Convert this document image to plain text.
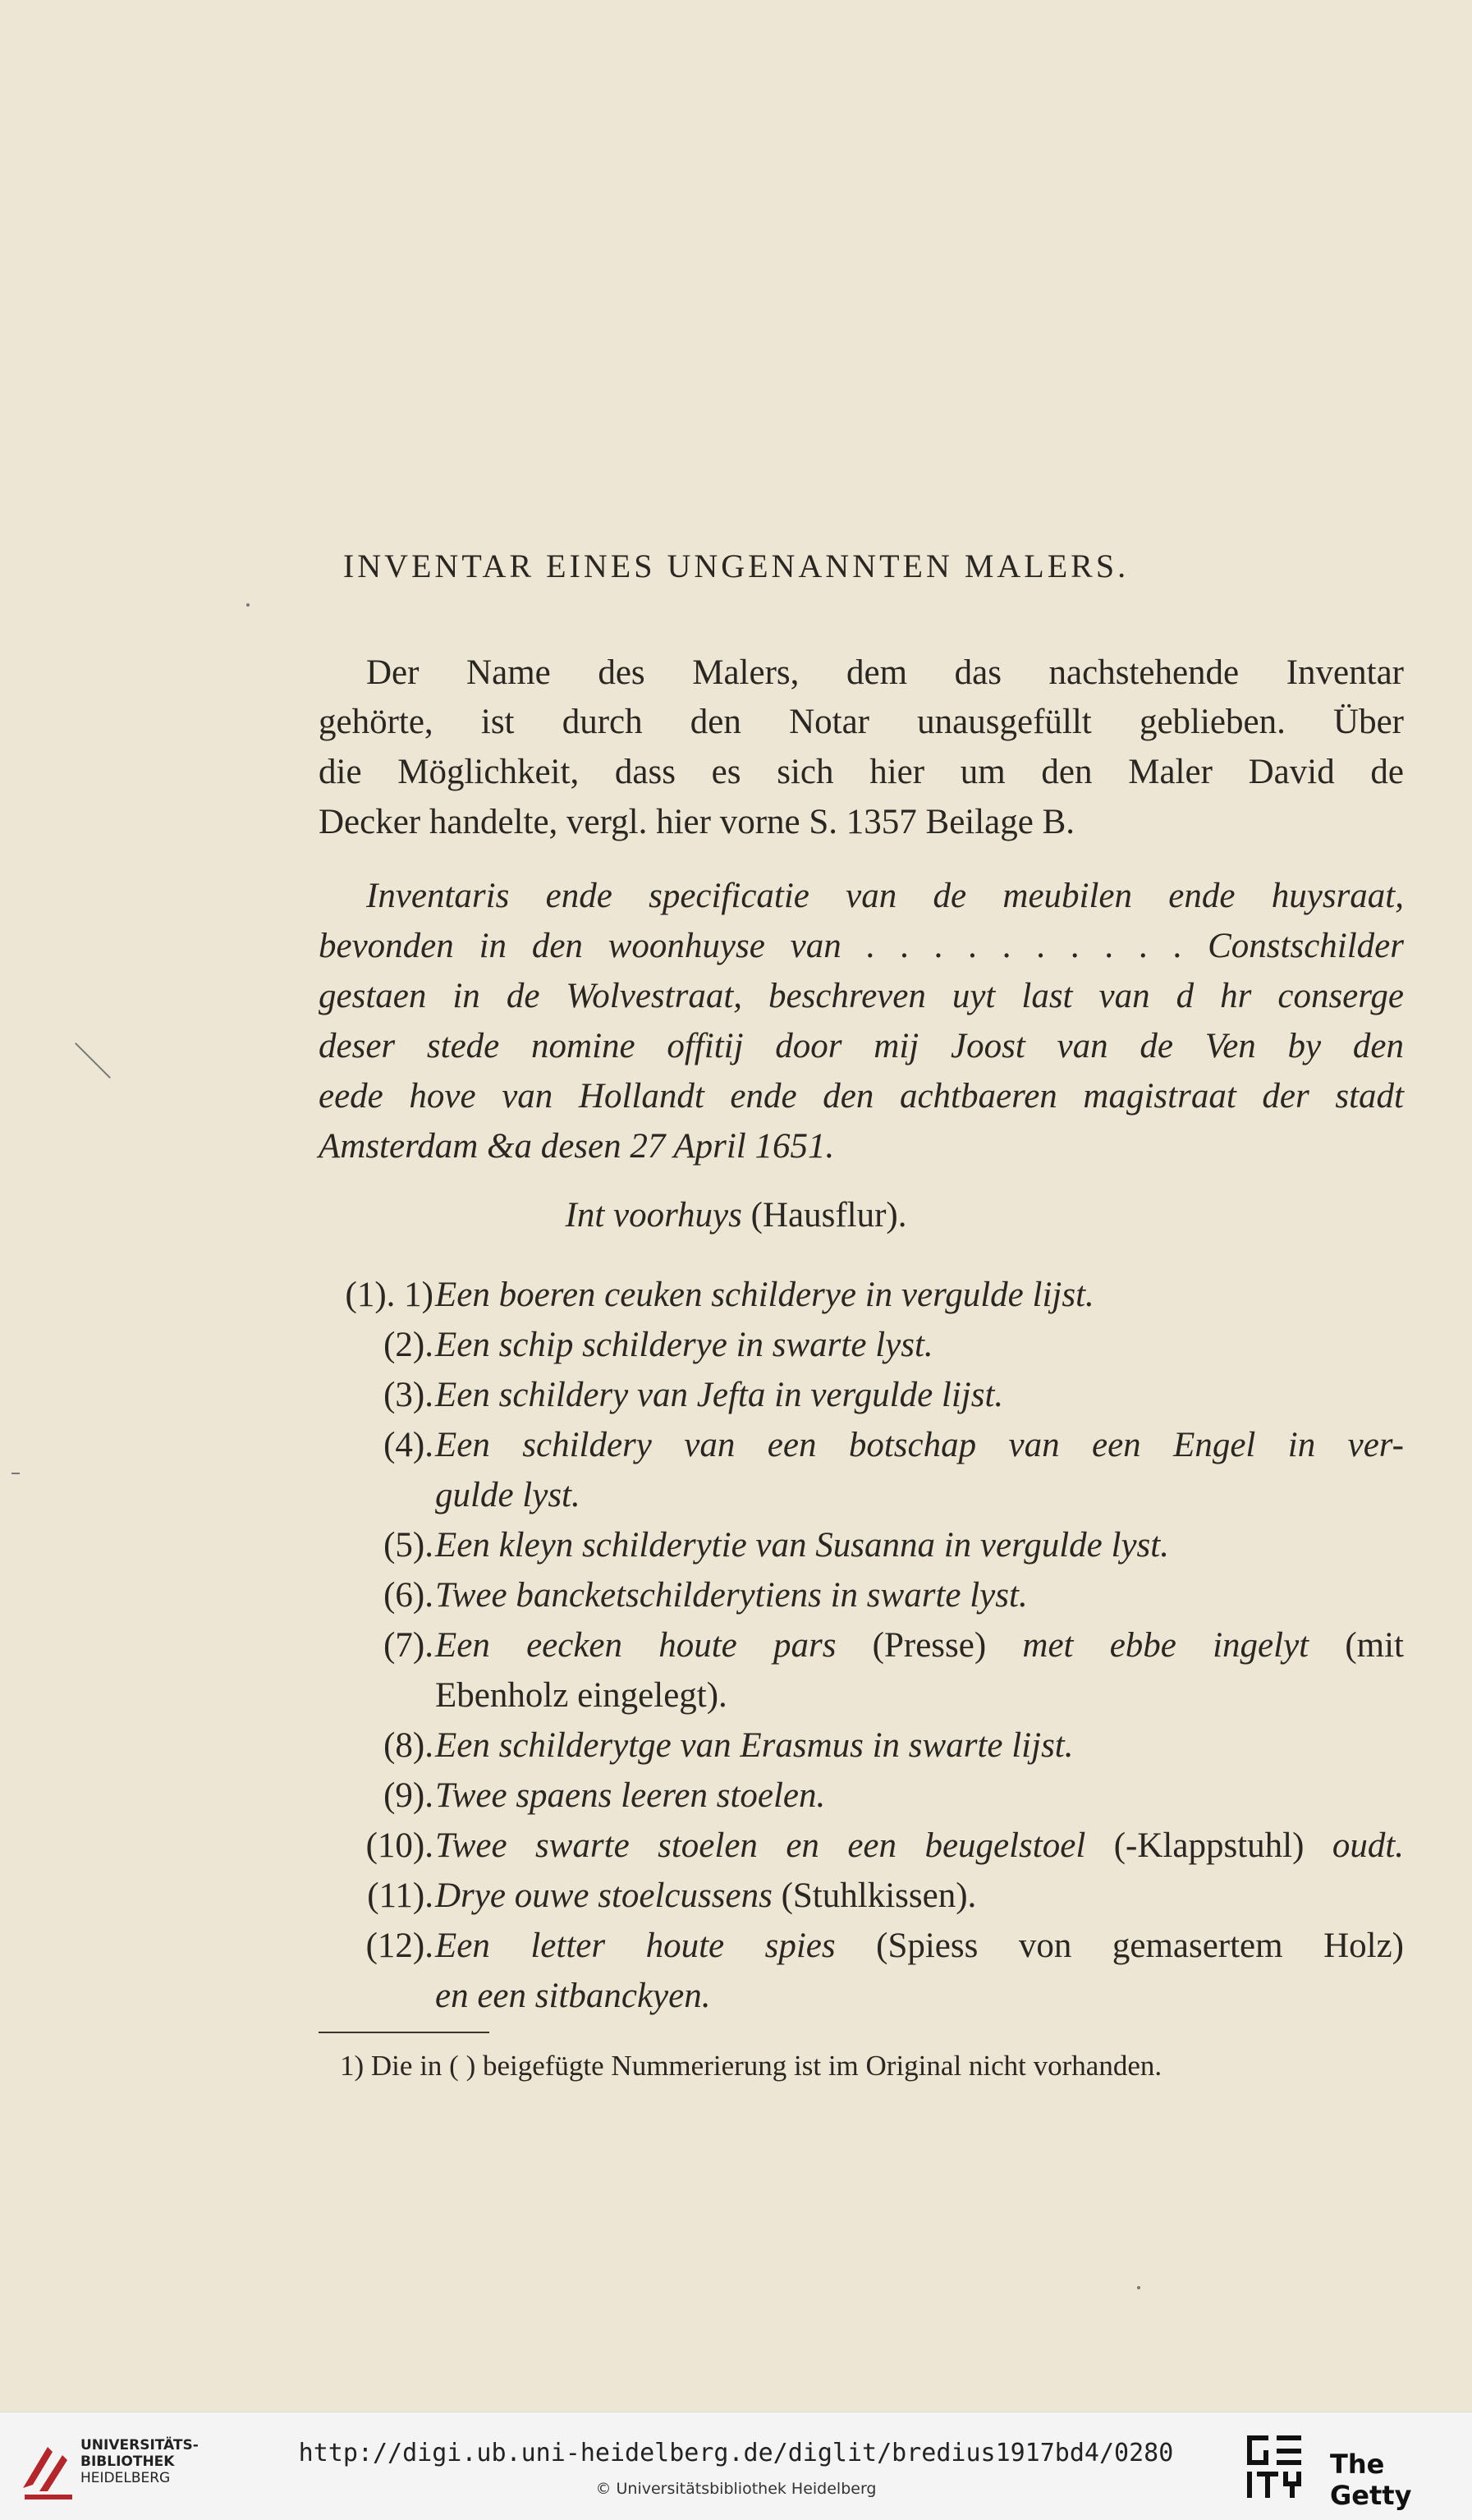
INVENTAR EINES UNGENANNTEN MALERS.
Der Name des Malers, dem das nachstehende Inventar
gehörte, ist durch den Notar unausgefüllt geblieben. Über
die Möglichkeit, dass es sich hier um den Maler David de
Decker handelte, vergl. hier vorne S. 1357 Beilage B.
Inventaris ende specificatie van de meubilen ende huysraat,
bevonden in den woonhuyse van . . . . . . . . . . Constschilder
gestaen in de Wolvestraat, beschreven uyt last van d hr conserge
deser stede nomine offitij door mij Joost van de Ven by den
eede hove van Hollandt ende den achtbaeren magistraat der stadt
Amsterdam &a desen 27 April 1651.
Int voorhuys (Hausflur).
(1). 1) Een boeren ceuken schilderye in vergulde lijst.
(2). Een schip schilderye in swarte lyst.
(3). Een schildery van Jefta in vergulde lijst.
(4). Een schildery van een botschap van een Engel in ver-
gulde lyst.
(5). Een kleyn schilderytie van Susanna in vergulde lyst.
(6). Twee bancketschilderytiens in swarte lyst.
(7). Een eecken houte pars (Presse) met ebbe ingelyt (mit
Ebenholz eingelegt).
(8). Een schilderytge van Erasmus in swarte lijst.
(9). Twee spaens leeren stoelen.
(10). Twee swarte stoelen en een beugelstoel (-Klappstuhl) oudt.
(11). Drye ouwe stoelcussens (Stuhlkissen).
(12). Een letter houte spies (Spiess von gemasertem Holz)
en een sitbanckyen.
1) Die in ( ) beigefügte Nummerierung ist im Original nicht vorhanden.
UNIVERSITÄTS-
BIBLIOTHEK
HEIDELBERG
http://digi.ub.uni-heidelberg.de/diglit/bredius1917bd4/0280
© Universitätsbibliothek Heidelberg
The Getty
